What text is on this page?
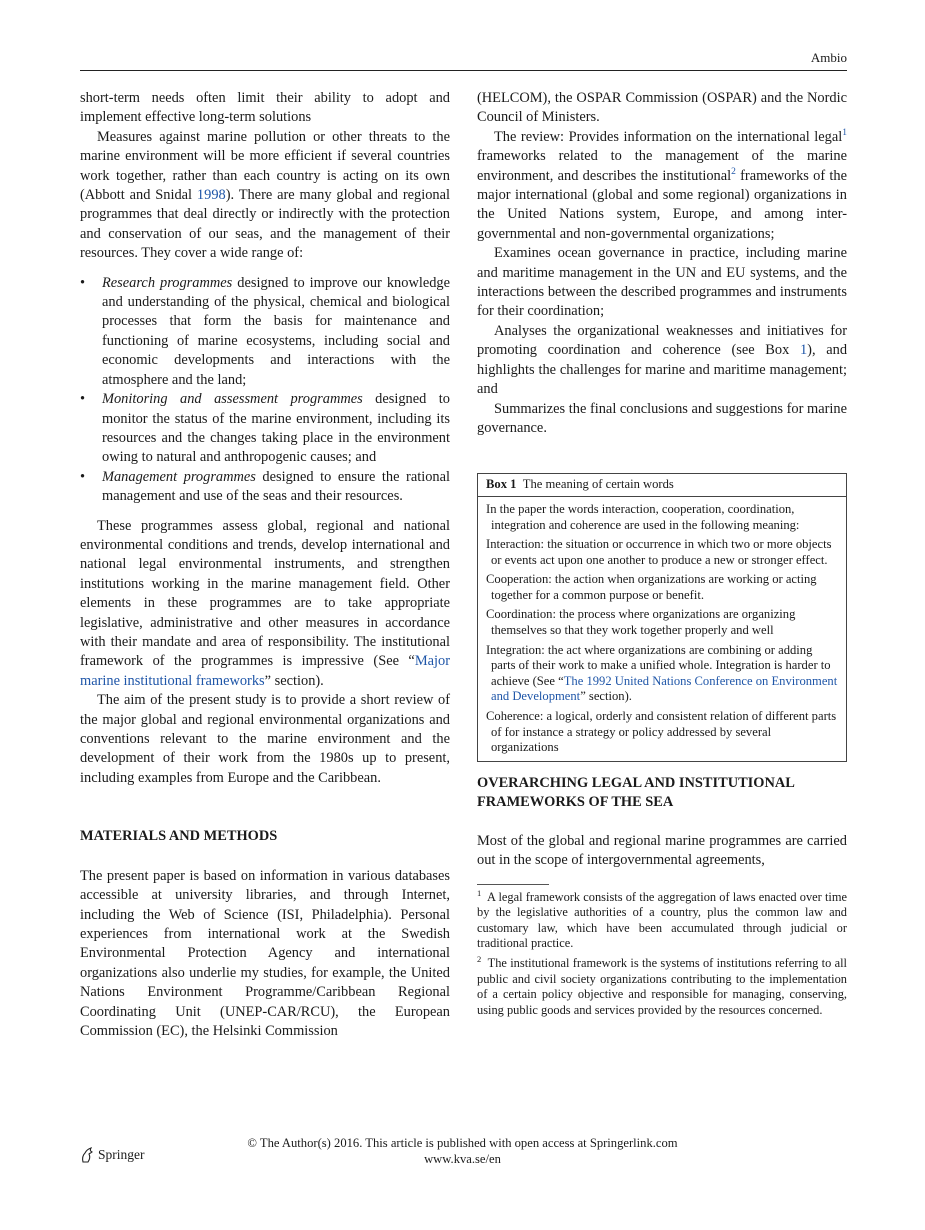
Ambio

short-term needs often limit their ability to adopt and implement effective long-term solutions

Measures against marine pollution or other threats to the marine environment will be more efficient if several countries work together, rather than each country is acting on its own (Abbott and Snidal 1998). There are many global and regional programmes that deal directly or indirectly with the protection and conservation of our seas, and the management of their resources. They cover a wide range of:

• Research programmes designed to improve our knowledge and understanding of the physical, chemical and biological processes that form the basis for maintenance and functioning of marine ecosystems, including social and economic developments and interactions with the atmosphere and the land;
• Monitoring and assessment programmes designed to monitor the status of the marine environment, including its resources and the changes taking place in the environment owing to natural and anthropogenic causes; and
• Management programmes designed to ensure the rational management and use of the seas and their resources.

These programmes assess global, regional and national environmental conditions and trends, develop international and national legal environmental instruments, and strengthen institutions working in the marine management field. Other elements in these programmes are to take appropriate legislative, administrative and other measures in accordance with their mandate and area of responsibility. The institutional framework of the programmes is impressive (See “Major marine institutional frameworks” section).

The aim of the present study is to provide a short review of the major global and regional environmental organizations and conventions relevant to the marine environment and the development of their work from the 1980s up to present, including examples from Europe and the Caribbean.

MATERIALS AND METHODS

The present paper is based on information in various databases accessible at university libraries, and through Internet, including the Web of Science (ISI, Philadelphia). Personal experiences from international work at the Swedish Environmental Protection Agency and international organizations also underlie my studies, for example, the United Nations Environment Programme/Caribbean Regional Coordinating Unit (UNEP-CAR/RCU), the European Commission (EC), the Helsinki Commission

(HELCOM), the OSPAR Commission (OSPAR) and the Nordic Council of Ministers.

The review: Provides information on the international legal$^1$ frameworks related to the management of the marine environment, and describes the institutional$^2$ frameworks of the major international (global and some regional) organizations in the United Nations system, Europe, and among inter-governmental and non-governmental organizations;

Examines ocean governance in practice, including marine and maritime management in the UN and EU systems, and the interactions between the described programmes and instruments for their coordination;

Analyses the organizational weaknesses and initiatives for promoting coordination and coherence (see Box 1), and highlights the challenges for marine and maritime management; and

Summarizes the final conclusions and suggestions for marine governance.

Box 1 The meaning of certain words
In the paper the words interaction, cooperation, coordination, integration and coherence are used in the following meaning:
Interaction: the situation or occurrence in which two or more objects or events act upon one another to produce a new or stronger effect.
Cooperation: the action when organizations are working or acting together for a common purpose or benefit.
Coordination: the process where organizations are organizing themselves so that they work together properly and well
Integration: the act where organizations are combining or adding parts of their work to make a unified whole. Integration is harder to achieve (See “The 1992 United Nations Conference on Environment and Development” section).
Coherence: a logical, orderly and consistent relation of different parts of for instance a strategy or policy addressed by several organizations
OVERARCHING LEGAL AND INSTITUTIONAL FRAMEWORKS OF THE SEA

Most of the global and regional marine programmes are carried out in the scope of intergovernmental agreements,

$^1$ A legal framework consists of the aggregation of laws enacted over time by the legislative authorities of a country, plus the common law and customary law, which have been accumulated through judicial or traditional practice.
$^2$ The institutional framework is the systems of institutions referring to all public and civil society organizations contributing to the implementation of a certain policy objective and responsible for managing, conserving, using public goods and services provided by the resources concerned.
Springer
© The Author(s) 2016. This article is published with open access at Springerlink.com
www.kva.se/en
